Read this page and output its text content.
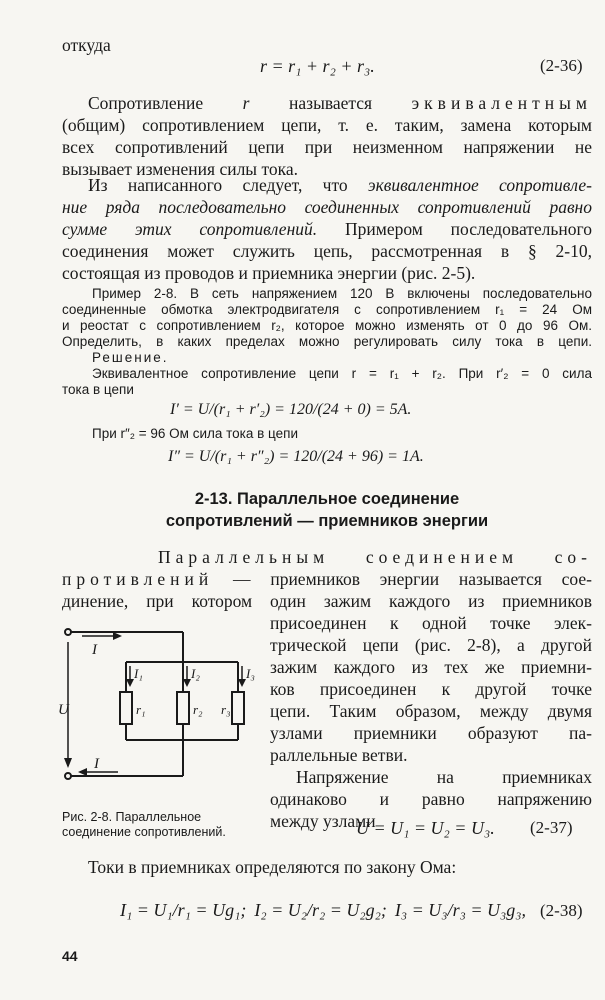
откуда

r = r₁ + r₂ + r₃.	(2-36)

Сопротивление r называется эквивалентным
(общим) сопротивлением цепи, т. е. таким, замена которым
всех сопротивлений цепи при неизменном напряжении не
вызывает изменения силы тока.
Из написанного следует, что эквивалентное сопротивле-
ние ряда последовательно соединенных сопротивлений равно
сумме этих сопротивлений. Примером последовательного
соединения может служить цепь, рассмотренная в § 2-10,
состоящая из проводов и приемника энергии (рис. 2-5).
Пример 2-8. В сеть напряжением 120 В включены последовательно
соединенные обмотка электродвигателя с сопротивлением r₁ = 24 Ом
и реостат с сопротивлением r₂, которое можно изменять от 0 до 96 Ом.
Определить, в каких пределах можно регулировать силу тока в цепи.
Решение.
Эквивалентное сопротивление цепи r = r₁ + r₂. При r′₂ = 0 сила
тока в цепи

I′ = U/(r₁ + r′₂) = 120/(24 + 0) = 5А.

При r″₂ = 96 Ом сила тока в цепи

I″ = U/(r₁ + r″₂) = 120/(24 + 96) = 1А.

2-13. Параллельное соединение
сопротивлений — приемников энергии
Параллельным соединением со-
противлений — приемников энергии называется сое-
динение, при котором один зажим каждого из приемников
присоединен к одной точке элек-
трической цепи (рис. 2-8), а другой
зажим каждого из тех же приемни-
ков присоединен к другой точке
цепи. Таким образом, между двумя
узлами приемники образуют па-
раллельные ветви.
Напряжение на приемниках
одинаково и равно напряжению
между узлами
I
U
I
I₁	I₂	I₃
r₁	r₂ r₃
Рис. 2-8. Параллельное
соединение сопротивлений.	U = U₁ = U₂ = U₃. (2-37)

Токи в приемниках определяются по закону Ома:

I₁ = U₁/r₁ = Ug₁; I₂ = U₂/r₂ = U₂g₂; I₃ = U₃/r₃ = U₃g₃, (2-38)

44
